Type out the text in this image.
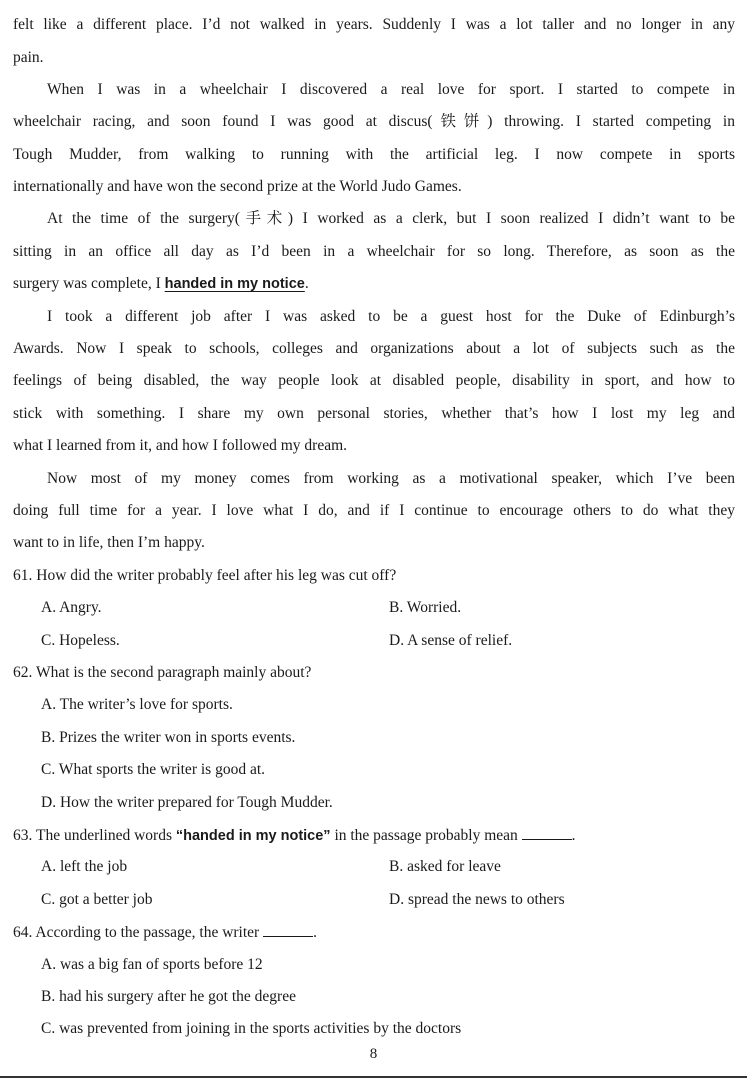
felt like a different place. I’d not walked in years. Suddenly I was a lot taller and no longer in any
pain.
When I was in a wheelchair I discovered a real love for sport. I started to compete in
wheelchair racing, and soon found I was good at discus(铁饼) throwing. I started competing in
Tough Mudder, from walking to running with the artificial leg. I now compete in sports
internationally and have won the second prize at the World Judo Games.
At the time of the surgery(手术) I worked as a clerk, but I soon realized I didn’t want to be
sitting in an office all day as I’d been in a wheelchair for so long. Therefore, as soon as the
surgery was complete, I handed in my notice.
I took a different job after I was asked to be a guest host for the Duke of Edinburgh’s
Awards. Now I speak to schools, colleges and organizations about a lot of subjects such as the
feelings of being disabled, the way people look at disabled people, disability in sport, and how to
stick with something. I share my own personal stories, whether that’s how I lost my leg and
what I learned from it, and how I followed my dream.
Now most of my money comes from working as a motivational speaker, which I’ve been
doing full time for a year. I love what I do, and if I continue to encourage others to do what they
want to in life, then I’m happy.
61. How did the writer probably feel after his leg was cut off?
A. Angry.	B. Worried.
C. Hopeless.	D. A sense of relief.
62. What is the second paragraph mainly about?
A. The writer’s love for sports.
B. Prizes the writer won in sports events.
C. What sports the writer is good at.
D. How the writer prepared for Tough Mudder.
63. The underlined words “handed in my notice” in the passage probably mean	.
A. left the job	B. asked for leave
C. got a better job	D. spread the news to others
64. According to the passage, the writer	.
A. was a big fan of sports before 12
B. had his surgery after he got the degree
C. was prevented from joining in the sports activities by the doctors
8
